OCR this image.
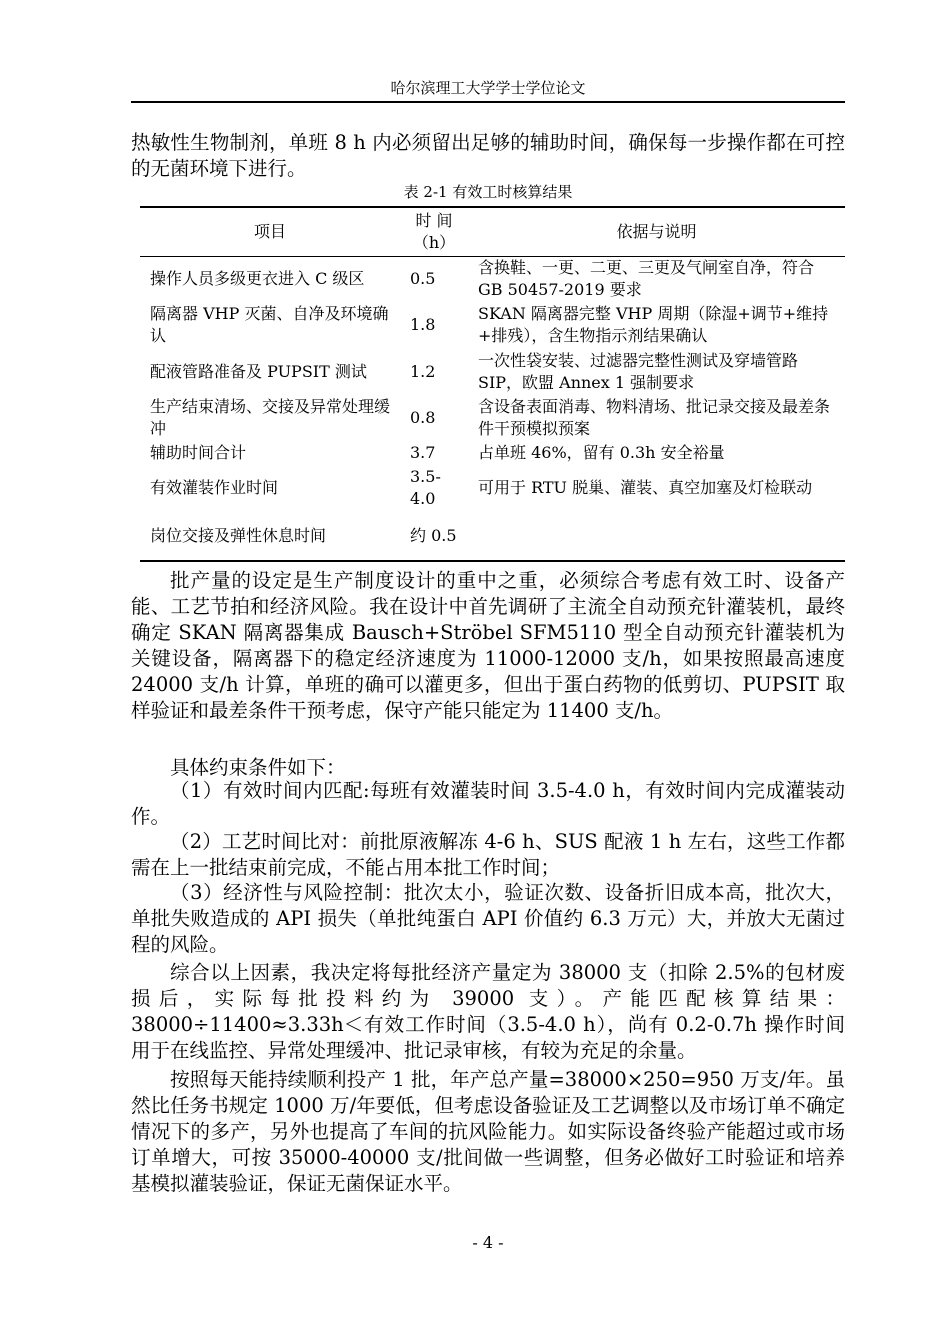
哈尔滨理工大学学士学位论文

热敏性生物制剂，单班 8 h 内必须留出足够的辅助时间，确保每一步操作都在可控的无菌环境下进行。

表 2-1 有效工时核算结果
项目	时 间（h）	依据与说明
操作人员多级更衣进入 C 级区	0.5	含换鞋、一更、二更、三更及气闸室自净，符合 GB 50457-2019 要求
隔离器 VHP 灭菌、自净及环境确认	1.8	SKAN 隔离器完整 VHP 周期（除湿+调节+维持+排残），含生物指示剂结果确认
配液管路准备及 PUPSIT 测试	1.2	一次性袋安装、过滤器完整性测试及穿墙管路 SIP，欧盟 Annex 1 强制要求
生产结束清场、交接及异常处理缓冲	0.8	含设备表面消毒、物料清场、批记录交接及最差条件干预模拟预案
辅助时间合计	3.7	占单班 46%，留有 0.3h 安全裕量
有效灌装作业时间	3.5-4.0	可用于 RTU 脱巢、灌装、真空加塞及灯检联动
岗位交接及弹性休息时间	约 0.5	

批产量的设定是生产制度设计的重中之重，必须综合考虑有效工时、设备产能、工艺节拍和经济风险。我在设计中首先调研了主流全自动预充针灌装机，最终确定 SKAN 隔离器集成 Bausch+Ströbel SFM5110 型全自动预充针灌装机为关键设备，隔离器下的稳定经济速度为 11000-12000 支/h，如果按照最高速度 24000 支/h 计算，单班的确可以灌更多，但出于蛋白药物的低剪切、PUPSIT 取样验证和最差条件干预考虑，保守产能只能定为 11400 支/h。

具体约束条件如下：

（1）有效时间内匹配:每班有效灌装时间 3.5-4.0 h，有效时间内完成灌装动作。

（2）工艺时间比对：前批原液解冻 4-6 h、SUS 配液 1 h 左右，这些工作都需在上一批结束前完成，不能占用本批工作时间；

（3）经济性与风险控制：批次太小，验证次数、设备折旧成本高，批次大，单批失败造成的 API 损失（单批纯蛋白 API 价值约 6.3 万元）大，并放大无菌过程的风险。

综合以上因素，我决定将每批经济产量定为 38000 支（扣除 2.5%的包材废损后，实际每批投料约为 39000 支）。产能匹配核算结果：38000÷11400≈3.33h＜有效工作时间（3.5-4.0 h），尚有 0.2-0.7h 操作时间用于在线监控、异常处理缓冲、批记录审核，有较为充足的余量。

按照每天能持续顺利投产 1 批，年产总产量=38000×250=950 万支/年。虽然比任务书规定 1000 万/年要低，但考虑设备验证及工艺调整以及市场订单不确定情况下的多产，另外也提高了车间的抗风险能力。如实际设备终验产能超过或市场订单增大，可按 35000-40000 支/批间做一些调整，但务必做好工时验证和培养基模拟灌装验证，保证无菌保证水平。

- 4 -
